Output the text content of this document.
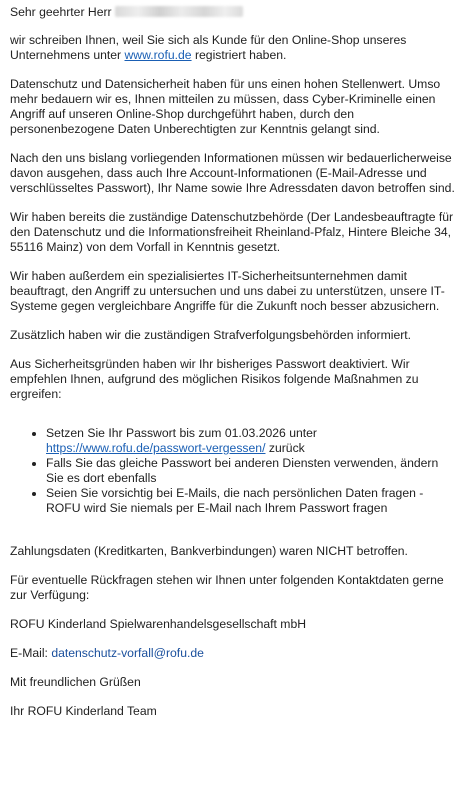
Sehr geehrter Herr

wir schreiben Ihnen, weil Sie sich als Kunde für den Online-Shop unseres Unternehmens unter www.rofu.de registriert haben.

Datenschutz und Datensicherheit haben für uns einen hohen Stellenwert. Umso mehr bedauern wir es, Ihnen mitteilen zu müssen, dass Cyber-Kriminelle einen Angriff auf unseren Online-Shop durchgeführt haben, durch den personenbezogene Daten Unberechtigten zur Kenntnis gelangt sind.

Nach den uns bislang vorliegenden Informationen müssen wir bedauerlicherweise davon ausgehen, dass auch Ihre Account-Informationen (E-Mail-Adresse und verschlüsseltes Passwort), Ihr Name sowie Ihre Adressdaten davon betroffen sind.

Wir haben bereits die zuständige Datenschutzbehörde (Der Landesbeauftragte für den Datenschutz und die Informationsfreiheit Rheinland-Pfalz, Hintere Bleiche 34, 55116 Mainz) von dem Vorfall in Kenntnis gesetzt.

Wir haben außerdem ein spezialisiertes IT-Sicherheitsunternehmen damit beauftragt, den Angriff zu untersuchen und uns dabei zu unterstützen, unsere IT-Systeme gegen vergleichbare Angriffe für die Zukunft noch besser abzusichern.

Zusätzlich haben wir die zuständigen Strafverfolgungsbehörden informiert.

Aus Sicherheitsgründen haben wir Ihr bisheriges Passwort deaktiviert. Wir empfehlen Ihnen, aufgrund des möglichen Risikos folgende Maßnahmen zu ergreifen:

• Setzen Sie Ihr Passwort bis zum 01.03.2026 unter https://www.rofu.de/passwort-vergessen/ zurück
• Falls Sie das gleiche Passwort bei anderen Diensten verwenden, ändern Sie es dort ebenfalls
• Seien Sie vorsichtig bei E-Mails, die nach persönlichen Daten fragen - ROFU wird Sie niemals per E-Mail nach Ihrem Passwort fragen

Zahlungsdaten (Kreditkarten, Bankverbindungen) waren NICHT betroffen.

Für eventuelle Rückfragen stehen wir Ihnen unter folgenden Kontaktdaten gerne zur Verfügung:

ROFU Kinderland Spielwarenhandelsgesellschaft mbH

E-Mail: datenschutz-vorfall@rofu.de

Mit freundlichen Grüßen

Ihr ROFU Kinderland Team
